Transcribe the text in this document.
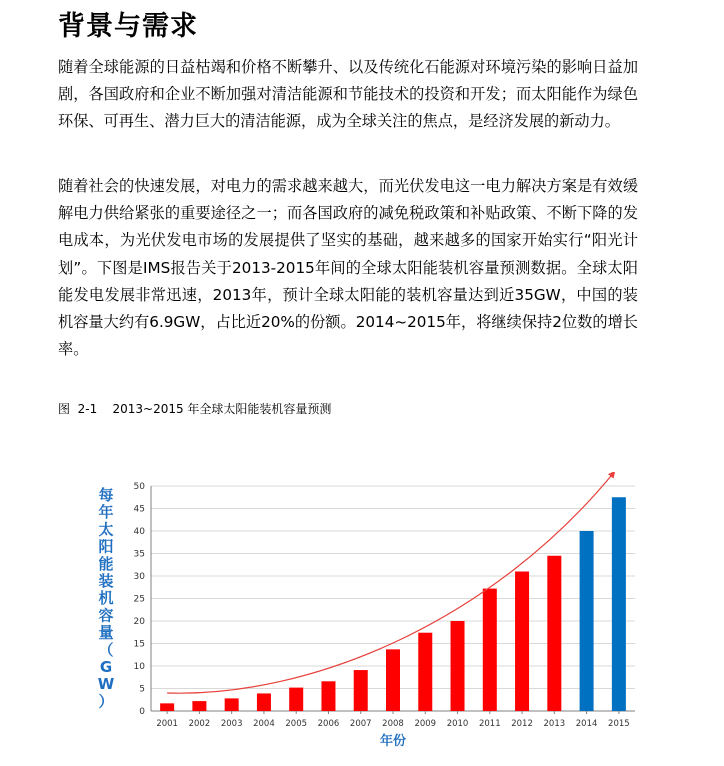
背景与需求

随着全球能源的日益枯竭和价格不断攀升、以及传统化石能源对环境污染的影响日益加剧，各国政府和企业不断加强对清洁能源和节能技术的投资和开发；而太阳能作为绿色环保、可再生、潜力巨大的清洁能源，成为全球关注的焦点，是经济发展的新动力。

随着社会的快速发展，对电力的需求越来越大，而光伏发电这一电力解决方案是有效缓解电力供给紧张的重要途径之一；而各国政府的减免税政策和补贴政策、不断下降的发电成本，为光伏发电市场的发展提供了坚实的基础，越来越多的国家开始实行“阳光计划”。下图是IMS报告关于2013-2015年间的全球太阳能装机容量预测数据。全球太阳能发电发展非常迅速，2013年，预计全球太阳能的装机容量达到近35GW，中国的装机容量大约有6.9GW，占比近20%的份额。2014~2015年，将继续保持2位数的增长率。

图  2-1    2013~2015 年全球太阳能装机容量预测

0
5
10
15
20
25
30
35
40
45
50
2001 2002 2003 2004 2005 2006 2007 2008 2009 2010 2011 2012 2013 2014 2015
每年太阳能装机容量（ G W ）
年份
